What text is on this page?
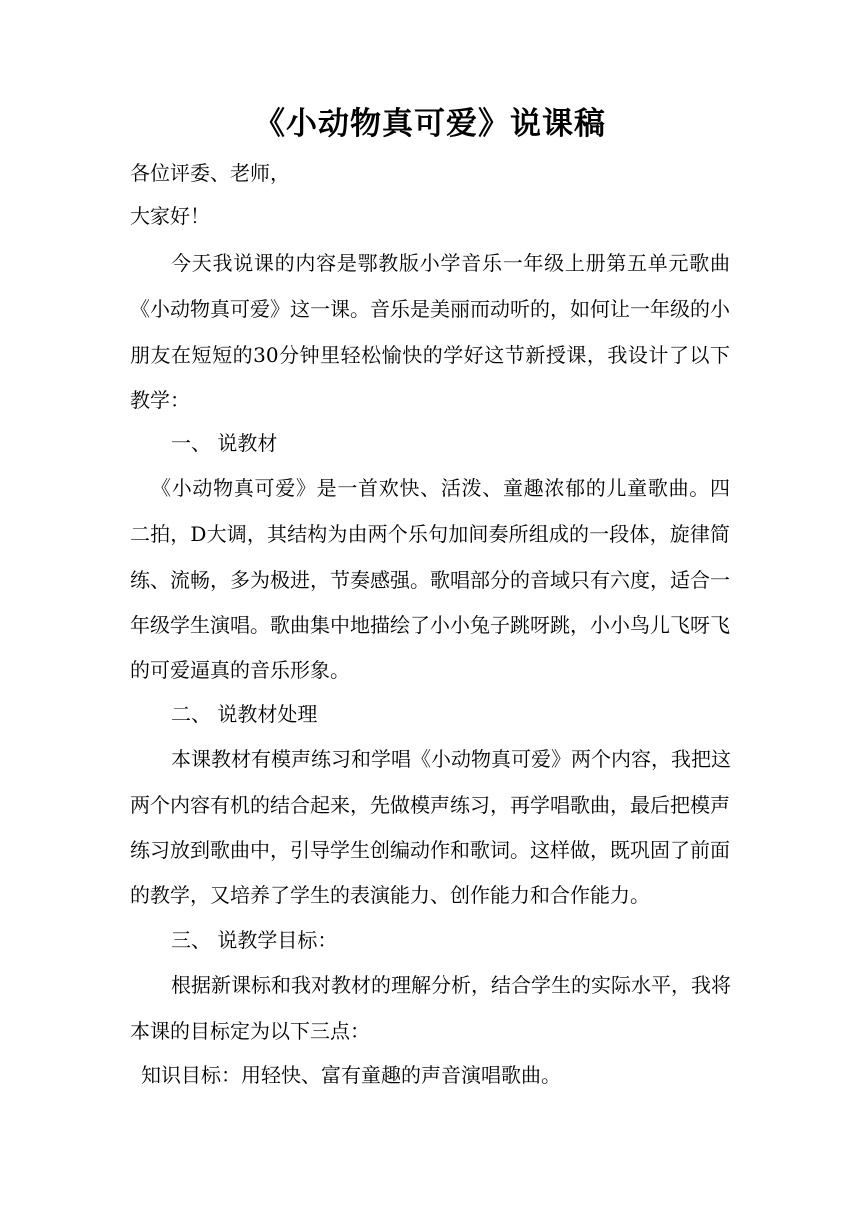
《小动物真可爱》说课稿
各位评委、老师，
大家好！
今天我说课的内容是鄂教版小学音乐一年级上册第五单元歌曲
《小动物真可爱》这一课。音乐是美丽而动听的，如何让一年级的小
朋友在短短的30分钟里轻松愉快的学好这节新授课，我设计了以下
教学：
一、 说教材
《小动物真可爱》是一首欢快、活泼、童趣浓郁的儿童歌曲。四
二拍，D大调，其结构为由两个乐句加间奏所组成的一段体，旋律简
练、流畅，多为极进，节奏感强。歌唱部分的音域只有六度，适合一
年级学生演唱。歌曲集中地描绘了小小兔子跳呀跳，小小鸟儿飞呀飞
的可爱逼真的音乐形象。
二、 说教材处理
本课教材有模声练习和学唱《小动物真可爱》两个内容，我把这
两个内容有机的结合起来，先做模声练习，再学唱歌曲，最后把模声
练习放到歌曲中，引导学生创编动作和歌词。这样做，既巩固了前面
的教学，又培养了学生的表演能力、创作能力和合作能力。
三、 说教学目标：
根据新课标和我对教材的理解分析，结合学生的实际水平，我将
本课的目标定为以下三点：
知识目标：用轻快、富有童趣的声音演唱歌曲。
